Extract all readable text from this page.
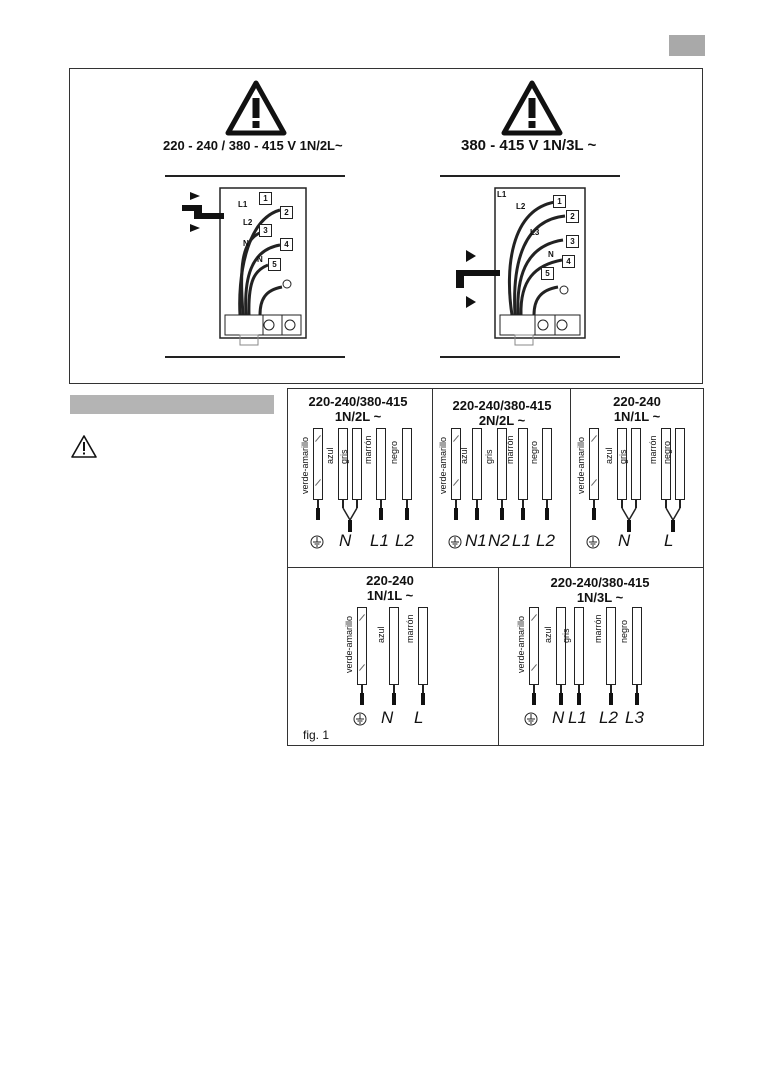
220 - 240 / 380 - 415 V 1N/2L~	380 - 415 V 1N/3L ~
1
2
3
4
5
L1
L2
N
N
1
2
3
4
5
L1
L2
L3
N
220-240/380-415
1N/2L ~
220-240/380-415
2N/2L ~
220-240
1N/1L ~
220-240
1N/1L ~
220-240/380-415
1N/3L ~
verde-amarillo azul gris marrón negro
N L1 L2
verde-amarillo azul gris marrón negro
N1 N2 L1 L2
verde-amarillo azul gris marrón negro
N L
verde-amarillo azul marrón
N L
verde-amarillo azul gris marrón negro
N L1 L2 L3
fig. 1
